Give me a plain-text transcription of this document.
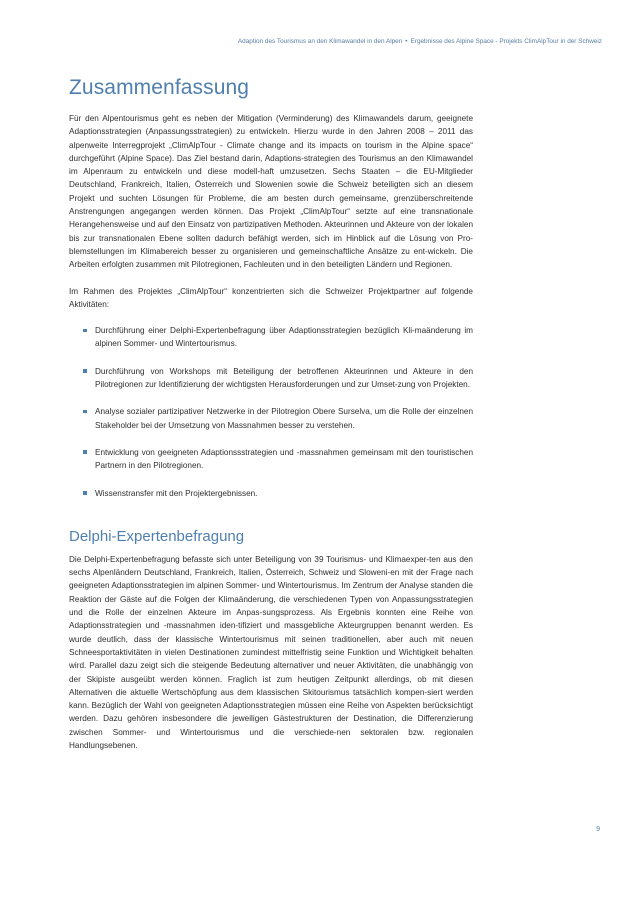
Adaption des Tourismus an den Klimawandel in den Alpen • Ergebnisse des Alpine Space - Projekts ClimAlpTour in der Schweiz
Zusammenfassung

Für den Alpentourismus geht es neben der Mitigation (Verminderung) des Klimawandels darum, geeignete Adaptionsstrategien (Anpassungsstrategien) zu entwickeln. Hierzu wurde in den Jahren 2008 – 2011 das alpenweite Interregprojekt „ClimAlpTour - Climate change and its impacts on tourism in the Alpine space“ durchgeführt (Alpine Space). Das Ziel bestand darin, Adaptions-strategien des Tourismus an den Klimawandel im Alpenraum zu entwickeln und diese modell-haft umzusetzen. Sechs Staaten – die EU-Mitglieder Deutschland, Frankreich, Italien, Österreich und Slowenien sowie die Schweiz beteiligten sich an diesem Projekt und suchten Lösungen für Probleme, die am besten durch gemeinsame, grenzüberschreitende Anstrengungen angegangen werden können. Das Projekt „ClimAlpTour“ setzte auf eine transnationale Herangehensweise und auf den Einsatz von partizipativen Methoden. Akteurinnen und Akteure von der lokalen bis zur transnationalen Ebene sollten dadurch befähigt werden, sich im Hinblick auf die Lösung von Pro-blemstellungen im Klimabereich besser zu organisieren und gemeinschaftliche Ansätze zu ent-wickeln. Die Arbeiten erfolgten zusammen mit Pilotregionen, Fachleuten und in den beteiligten Ländern und Regionen.

Im Rahmen des Projektes „ClimAlpTour“ konzentrierten sich die Schweizer Projektpartner auf folgende Aktivitäten:

Durchführung einer Delphi-Expertenbefragung über Adaptionsstrategien bezüglich Kli-maänderung im alpinen Sommer- und Wintertourismus.
Durchführung von Workshops mit Beteiligung der betroffenen Akteurinnen und Akteure in den Pilotregionen zur Identifizierung der wichtigsten Herausforderungen und zur Umset-zung von Projekten.
Analyse sozialer partizipativer Netzwerke in der Pilotregion Obere Surselva, um die Rolle der einzelnen Stakeholder bei der Umsetzung von Massnahmen besser zu verstehen.
Entwicklung von geeigneten Adaptionssstrategien und -massnahmen gemeinsam mit den touristischen Partnern in den Pilotregionen.
Wissenstransfer mit den Projektergebnissen.
Delphi-Expertenbefragung

Die Delphi-Expertenbefragung befasste sich unter Beteiligung von 39 Tourismus- und Klimaexper-ten aus den sechs Alpenländern Deutschland, Frankreich, Italien, Österreich, Schweiz und Sloweni-en mit der Frage nach geeigneten Adaptionsstrategien im alpinen Sommer- und Wintertourismus. Im Zentrum der Analyse standen die Reaktion der Gäste auf die Folgen der Klimaänderung, die verschiedenen Typen von Anpassungsstrategien und die Rolle der einzelnen Akteure im Anpas-sungsprozess. Als Ergebnis konnten eine Reihe von Adaptionsstrategien und -massnahmen iden-tifiziert und massgebliche Akteurgruppen benannt werden. Es wurde deutlich, dass der klassische Wintertourismus mit seinen traditionellen, aber auch mit neuen Schneesportaktivitäten in vielen Destinationen zumindest mittelfristig seine Funktion und Wichtigkeit behalten wird. Parallel dazu zeigt sich die steigende Bedeutung alternativer und neuer Aktivitäten, die unabhängig von der Skipiste ausgeübt werden können. Fraglich ist zum heutigen Zeitpunkt allerdings, ob mit diesen Alternativen die aktuelle Wertschöpfung aus dem klassischen Skitourismus tatsächlich kompen-siert werden kann. Bezüglich der Wahl von geeigneten Adaptionsstrategien müssen eine Reihe von Aspekten berücksichtigt werden. Dazu gehören insbesondere die jeweiligen Gästestrukturen der Destination, die Differenzierung zwischen Sommer- und Wintertourismus und die verschiede-nen sektoralen bzw. regionalen Handlungsebenen.

9
